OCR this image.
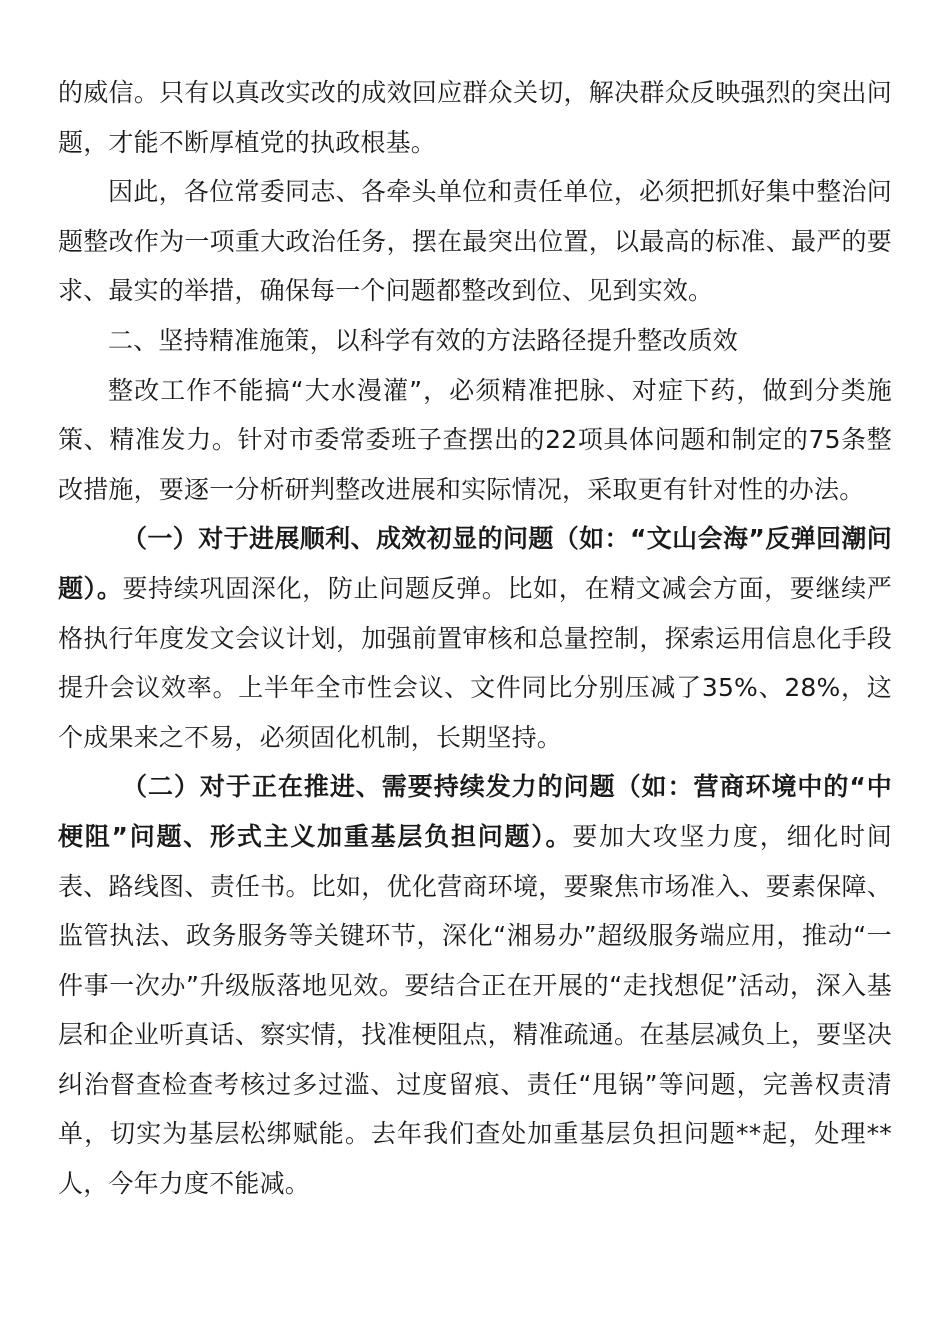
的威信。只有以真改实改的成效回应群众关切，解决群众反映强烈的突出问题，才能不断厚植党的执政根基。

因此，各位常委同志、各牵头单位和责任单位，必须把抓好集中整治问题整改作为一项重大政治任务，摆在最突出位置，以最高的标准、最严的要求、最实的举措，确保每一个问题都整改到位、见到实效。

二、坚持精准施策，以科学有效的方法路径提升整改质效

整改工作不能搞“大水漫灌”，必须精准把脉、对症下药，做到分类施策、精准发力。针对市委常委班子查摆出的22项具体问题和制定的75条整改措施，要逐一分析研判整改进展和实际情况，采取更有针对性的办法。

（一）对于进展顺利、成效初显的问题（如：“文山会海”反弹回潮问题）。要持续巩固深化，防止问题反弹。比如，在精文减会方面，要继续严格执行年度发文会议计划，加强前置审核和总量控制，探索运用信息化手段提升会议效率。上半年全市性会议、文件同比分别压减了35%、28%，这个成果来之不易，必须固化机制，长期坚持。

（二）对于正在推进、需要持续发力的问题（如：营商环境中的“中梗阻”问题、形式主义加重基层负担问题）。要加大攻坚力度，细化时间表、路线图、责任书。比如，优化营商环境，要聚焦市场准入、要素保障、监管执法、政务服务等关键环节，深化“湘易办”超级服务端应用，推动“一件事一次办”升级版落地见效。要结合正在开展的“走找想促”活动，深入基层和企业听真话、察实情，找准梗阻点，精准疏通。在基层减负上，要坚决纠治督查检查考核过多过滥、过度留痕、责任“甩锅”等问题，完善权责清单，切实为基层松绑赋能。去年我们查处加重基层负担问题**起，处理**人，今年力度不能减。
